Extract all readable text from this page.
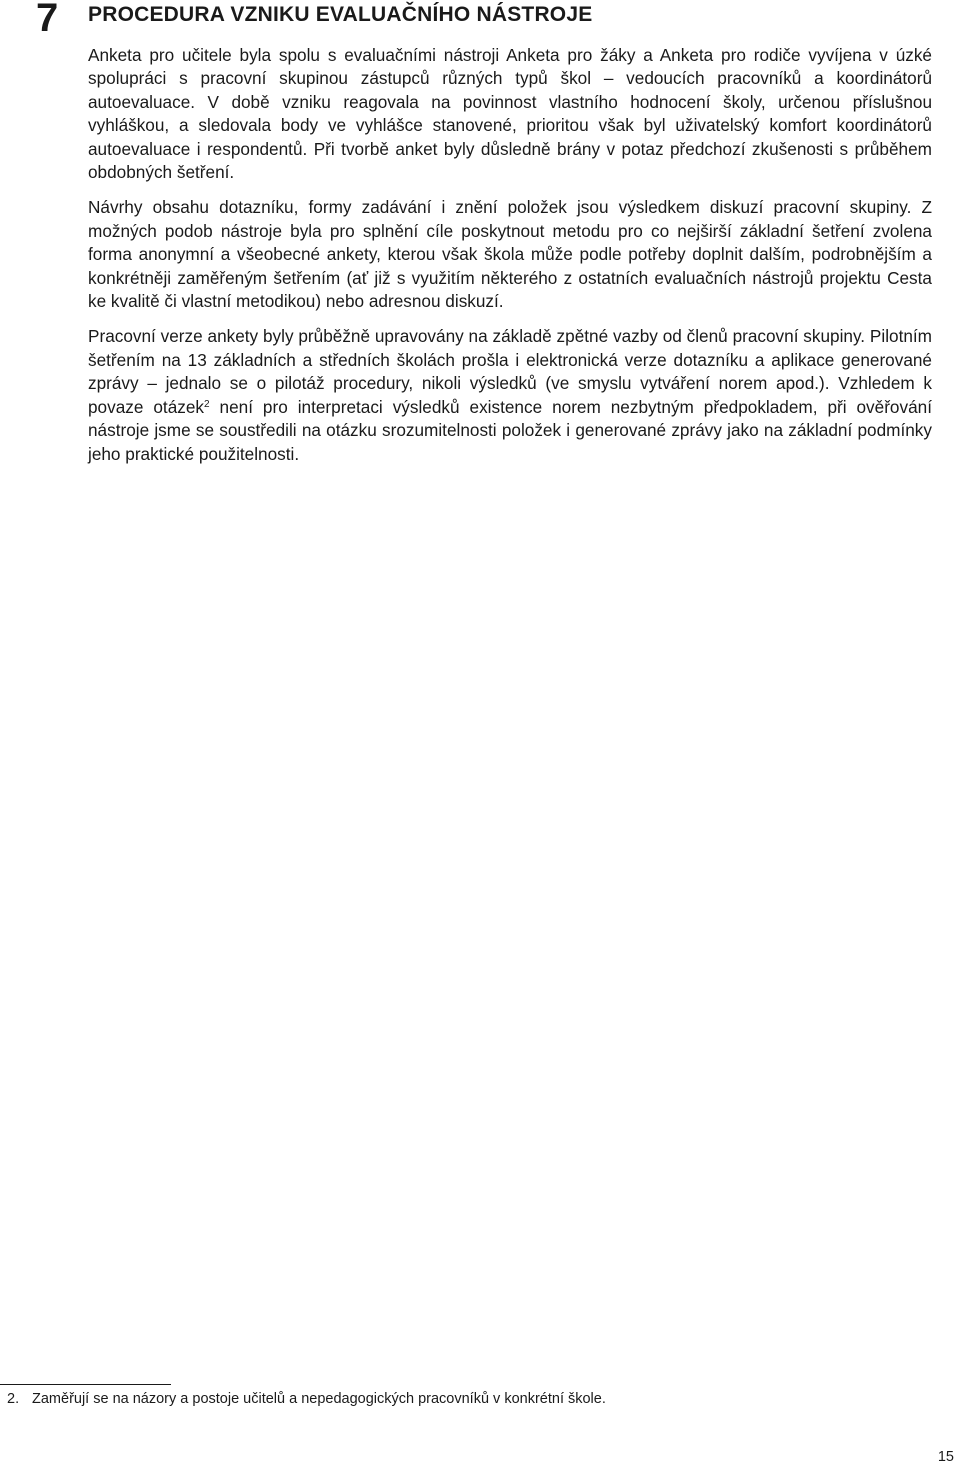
7 PROCEDURA VZNIKU EVALUAČNÍHO NÁSTROJE

Anketa pro učitele byla spolu s evaluačními nástroji Anketa pro žáky a Anketa pro rodiče vyvíjena v úzké spolupráci s pracovní skupinou zástupců různých typů škol – vedoucích pracovníků a koordinátorů autoevaluace. V době vzniku reagovala na povinnost vlastního hodnocení školy, určenou příslušnou vyhláškou, a sledovala body ve vyhlášce stanovené, prioritou však byl uživatelský komfort koordinátorů autoevaluace i respondentů. Při tvorbě anket byly důsledně brány v potaz předchozí zkušenosti s průběhem obdobných šetření.

Návrhy obsahu dotazníku, formy zadávání i znění položek jsou výsledkem diskuzí pracovní skupiny. Z možných podob nástroje byla pro splnění cíle poskytnout metodu pro co nejširší základní šetření zvolena forma anonymní a všeobecné ankety, kterou však škola může podle potřeby doplnit dalším, podrobnějším a konkrétněji zaměřeným šetřením (ať již s využitím některého z ostatních evaluačních nástrojů projektu Cesta ke kvalitě či vlastní metodikou) nebo adresnou diskuzí.

Pracovní verze ankety byly průběžně upravovány na základě zpětné vazby od členů pracovní skupiny. Pilotním šetřením na 13 základních a středních školách prošla i elektronická verze dotazníku a aplikace generované zprávy – jednalo se o pilotáž procedury, nikoli výsledků (ve smyslu vytváření norem apod.). Vzhledem k povaze otázek$^2$ není pro interpretaci výsledků existence norem nezbytným předpokladem, při ověřování nástroje jsme se soustředili na otázku srozumitelnosti položek i generované zprávy jako na základní podmínky jeho praktické použitelnosti.

2. Zaměřují se na názory a postoje učitelů a nepedagogických pracovníků v konkrétní škole.
15
